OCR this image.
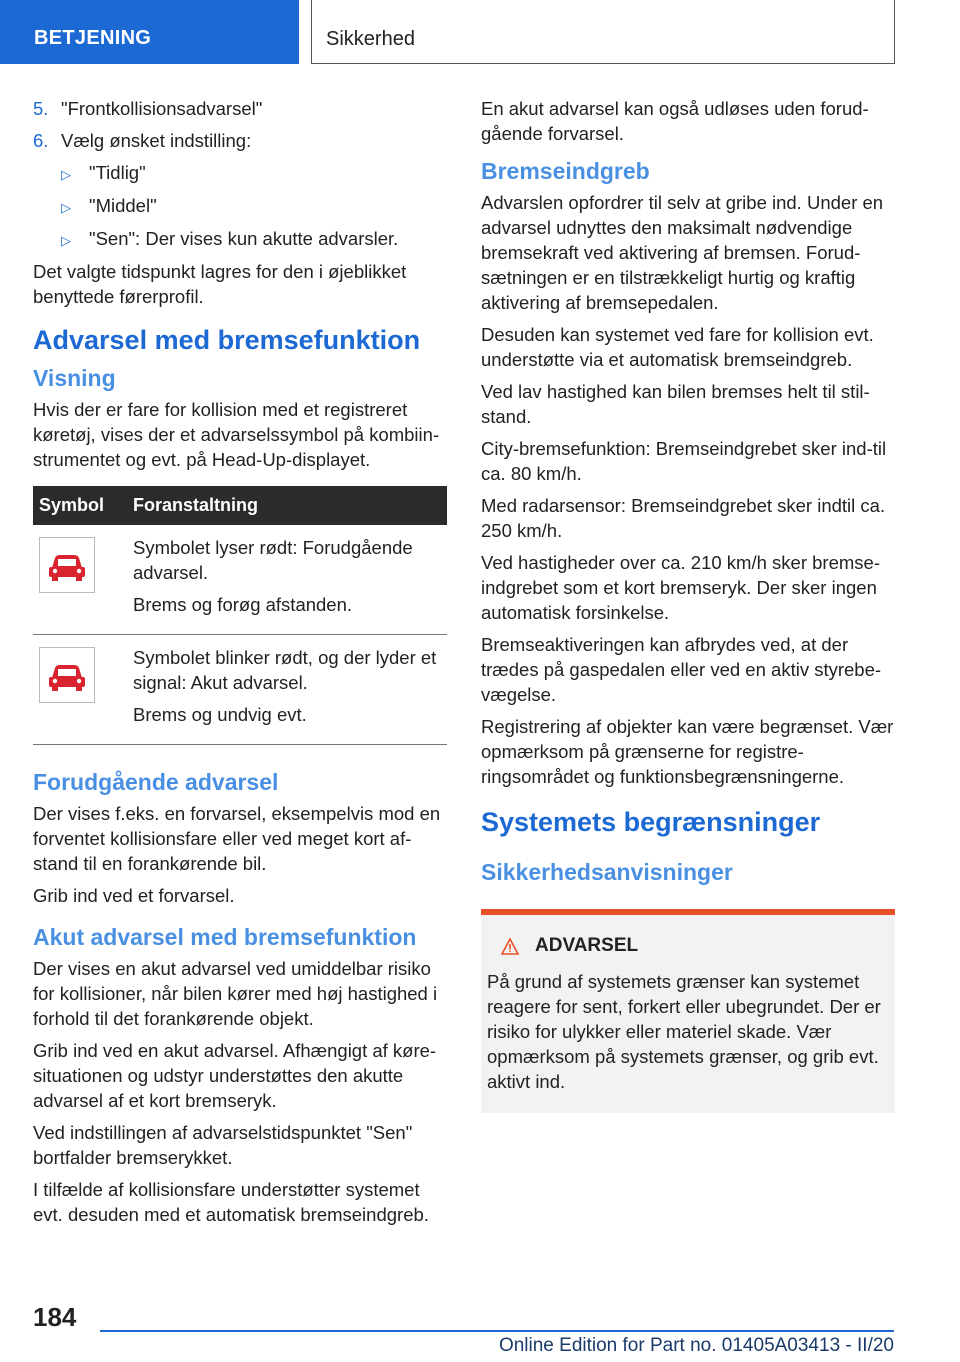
BETJENING	Sikkerhed
5. "Frontkollisionsadvarsel"
6. Vælg ønsket indstilling:
▷ "Tidlig"
▷ "Middel"
▷ "Sen": Der vises kun akutte advarsler.

Det valgte tidspunkt lagres for den i øjeblikket benyttede førerprofil.

Advarsel med bremsefunktion
Visning

Hvis der er fare for kollision med et registreret køretøj, vises der et advarselssymbol på kombiin-strumentet og evt. på Head-Up-displayet.

Symbol	Foranstaltning

Symbolet lyser rødt: Forudgående advarsel.

Brems og forøg afstanden.

Symbolet blinker rødt, og der lyder et signal: Akut advarsel.

Brems og undvig evt.

Forudgående advarsel

Der vises f.eks. en forvarsel, eksempelvis mod en forventet kollisionsfare eller ved meget kort af-stand til en forankørende bil.

Grib ind ved et forvarsel.

Akut advarsel med bremsefunktion

Der vises en akut advarsel ved umiddelbar risiko for kollisioner, når bilen kører med høj hastighed i forhold til det forankørende objekt.

Grib ind ved en akut advarsel. Afhængigt af køre-situationen og udstyr understøttes den akutte advarsel af et kort bremseryk.

Ved indstillingen af advarselstidspunktet "Sen" bortfalder bremserykket.

I tilfælde af kollisionsfare understøtter systemet evt. desuden med et automatisk bremseindgreb.

En akut advarsel kan også udløses uden forud-gående forvarsel.

Bremseindgreb

Advarslen opfordrer til selv at gribe ind. Under en advarsel udnyttes den maksimalt nødvendige bremsekraft ved aktivering af bremsen. Forud-sætningen er en tilstrækkeligt hurtig og kraftig aktivering af bremsepedalen.

Desuden kan systemet ved fare for kollision evt. understøtte via et automatisk bremseindgreb.

Ved lav hastighed kan bilen bremses helt til stil-stand.

City-bremsefunktion: Bremseindgrebet sker ind-til ca. 80 km/h.

Med radarsensor: Bremseindgrebet sker indtil ca. 250 km/h.

Ved hastigheder over ca. 210 km/h sker bremse-indgrebet som et kort bremseryk. Der sker ingen automatisk forsinkelse.

Bremseaktiveringen kan afbrydes ved, at der trædes på gaspedalen eller ved en aktiv styrebe-vægelse.

Registrering af objekter kan være begrænset. Vær opmærksom på grænserne for registre-ringsområdet og funktionsbegrænsningerne.

Systemets begrænsninger
Sikkerhedsanvisninger
ADVARSEL

På grund af systemets grænser kan systemet reagere for sent, forkert eller ubegrundet. Der er risiko for ulykker eller materiel skade. Vær opmærksom på systemets grænser, og grib evt. aktivt ind.

184
Online Edition for Part no. 01405A03413 - II/20
